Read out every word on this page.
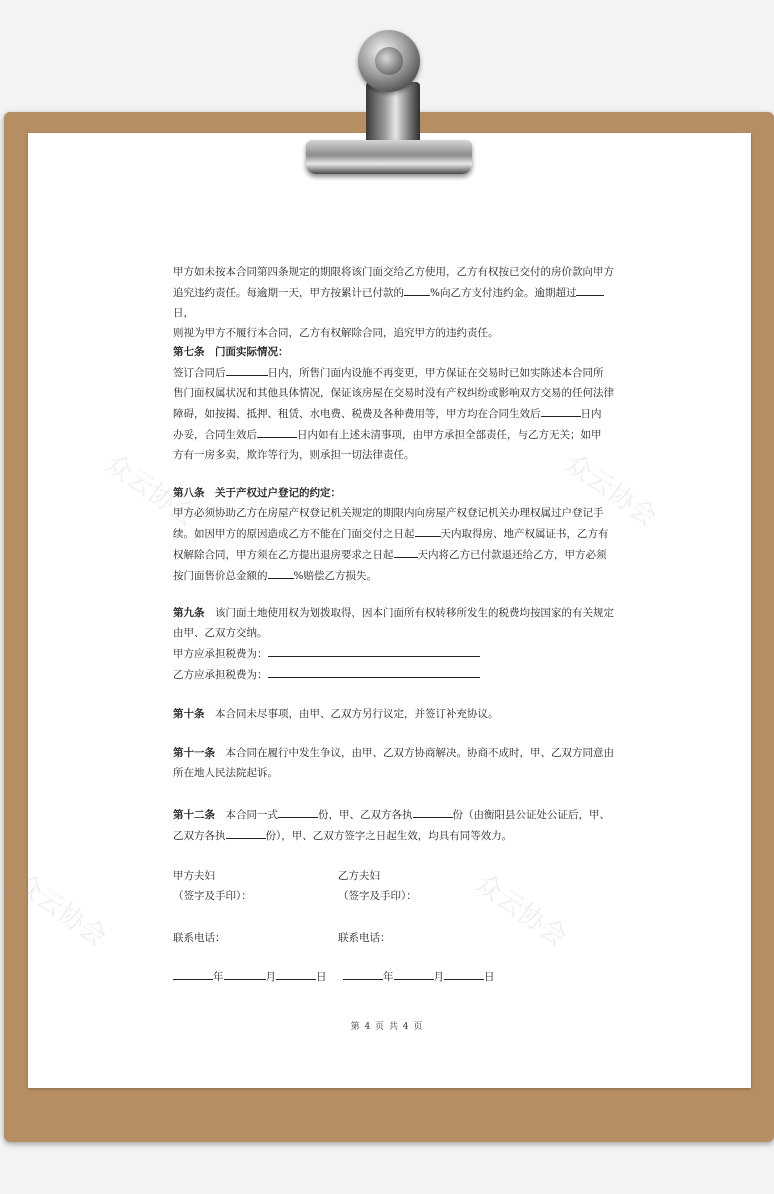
甲方如未按本合同第四条规定的期限将该门面交给乙方使用，乙方有权按已交付的房价款向甲方

追究违约责任。每逾期一天，甲方按累计已付款的 %向乙方支付违约金。逾期超过日，

则视为甲方不履行本合同，乙方有权解除合同，追究甲方的违约责任。

第七条　门面实际情况：

签订合同后	日内，所售门面内设施不再变更，甲方保证在交易时已如实陈述本合同所

售门面权属状况和其他具体情况，保证该房屋在交易时没有产权纠纷或影响双方交易的任何法律

障碍，如按揭、抵押、租赁、水电费、税费及各种费用等，甲方均在合同生效后	日内

办妥，合同生效后	日内如有上述未清事项，由甲方承担全部责任，与乙方无关；如甲

方有一房多卖，欺诈等行为，则承担一切法律责任。

第八条　关于产权过户登记的约定：

甲方必须协助乙方在房屋产权登记机关规定的期限内向房屋产权登记机关办理权属过户登记手

续。如因甲方的原因造成乙方不能在门面交付之日起 天内取得房、地产权属证书，乙方有

权解除合同，甲方须在乙方提出退房要求之日起 天内将乙方已付款退还给乙方，甲方必须

按门面售价总金额的 %赔偿乙方损失。

第九条　该门面土地使用权为划拨取得，因本门面所有权转移所发生的税费均按国家的有关规定

由甲、乙双方交纳。

甲方应承担税费为：

乙方应承担税费为：

第十条　本合同未尽事项，由甲、乙双方另行议定，并签订补充协议。

第十一条　本合同在履行中发生争议，由甲、乙双方协商解决。协商不成时，甲、乙双方同意由

所在地人民法院起诉。

第十二条　本合同一式	份，甲、乙双方各执	份（由衡阳县公证处公证后，甲、

乙双方各执	份），甲、乙双方签字之日起生效，均具有同等效力。

甲方夫妇	乙方夫妇
（签字及手印）：	（签字及手印）：
联系电话：	联系电话：
年	月	日	年	月	日
第 4 页 共 4 页
